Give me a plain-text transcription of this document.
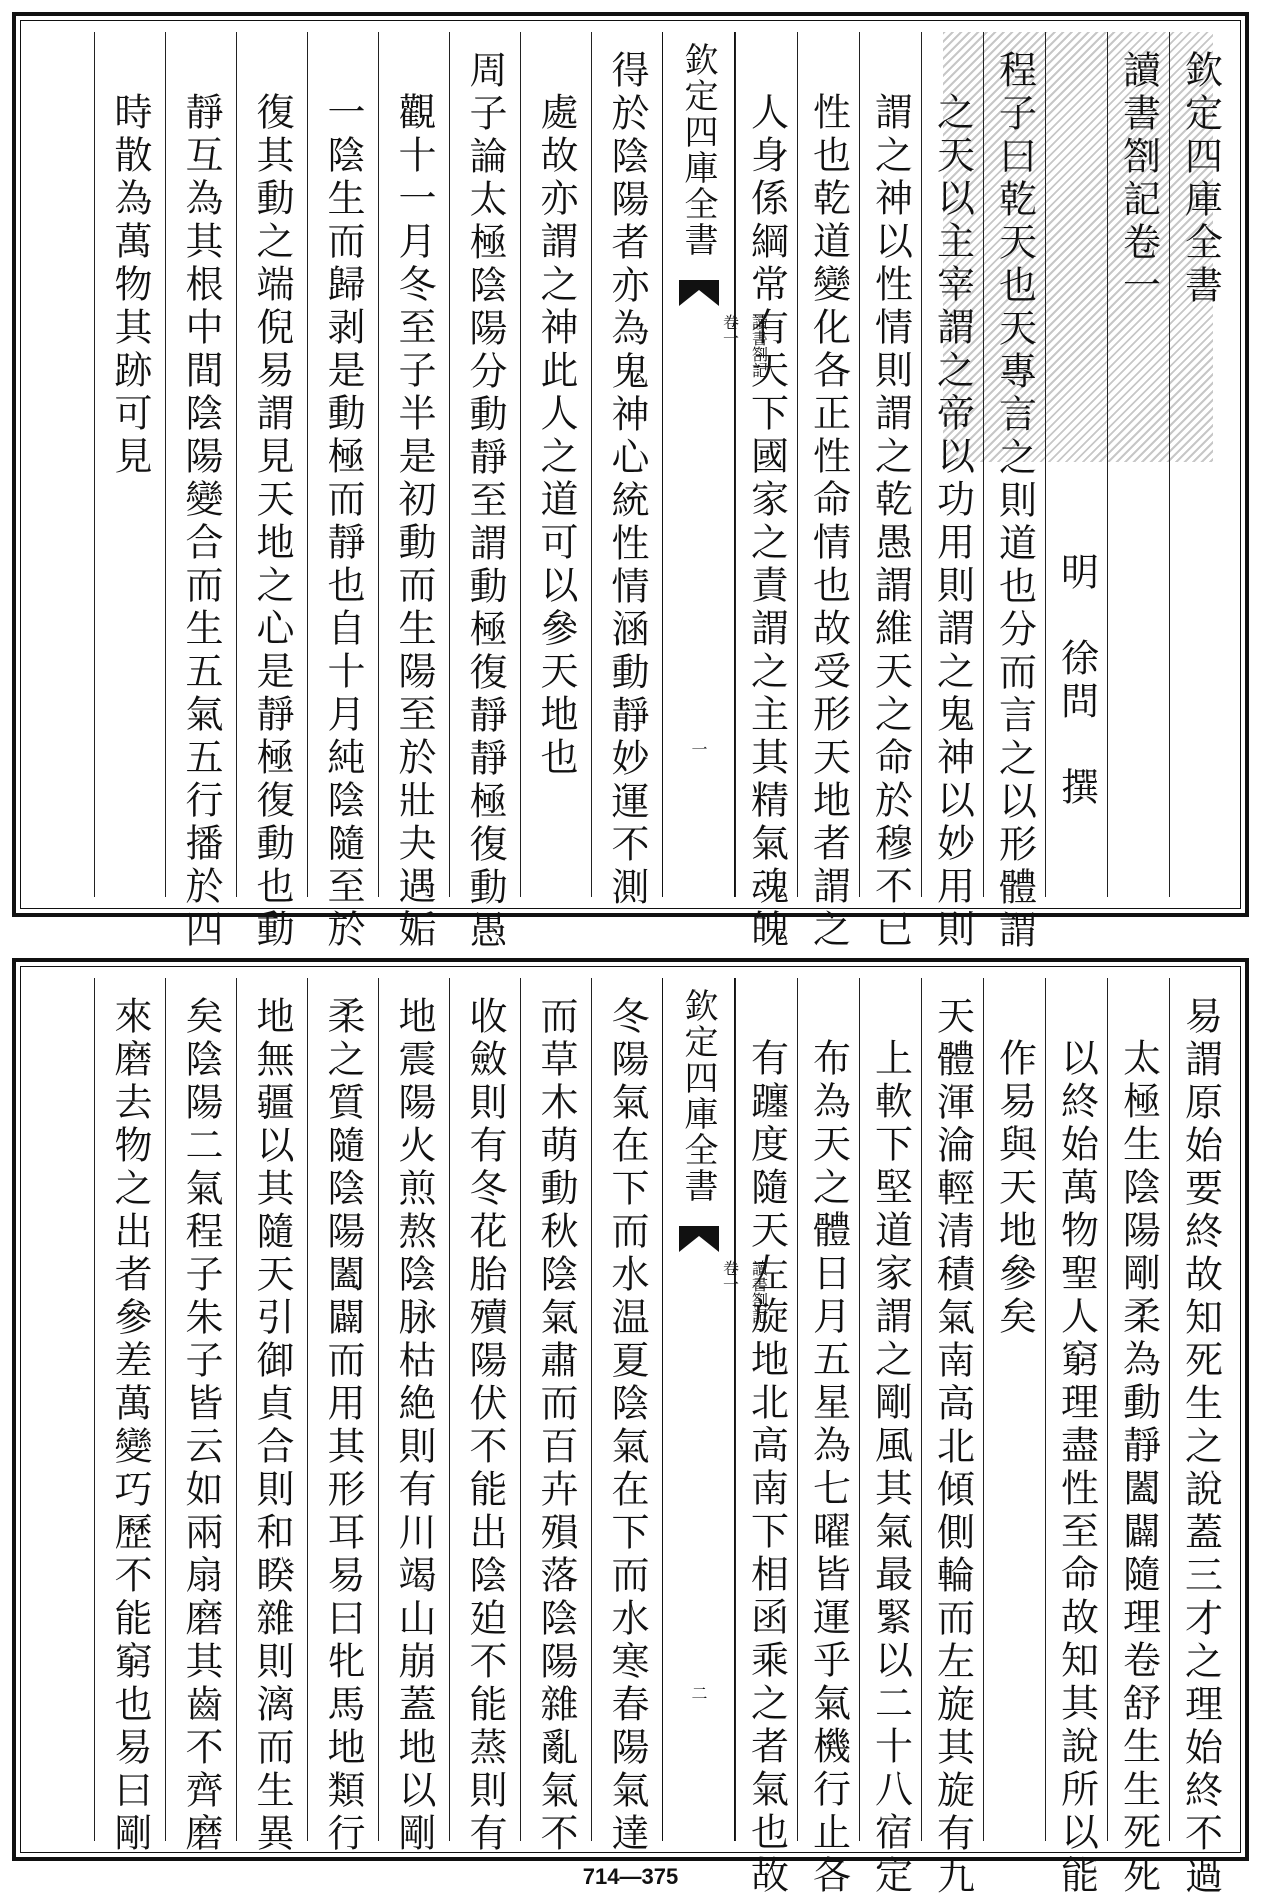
欽定四庫全書
讀書劄記卷一
明　徐問　撰
程子曰乾天也天專言之則道也分而言之以形體謂
之天以主宰謂之帝以功用則謂之鬼神以妙用則
謂之神以性情則謂之乾愚謂維天之命於穆不已
性也乾道變化各正性命情也故受形天地者謂之
人身係綱常有天下國家之責謂之主其精氣魂魄
欽定四庫全書
讀書劄記
卷一
一
得於陰陽者亦為鬼神心統性情涵動靜妙運不測
處故亦謂之神此人之道可以參天地也
周子論太極陰陽分動靜至謂動極復靜靜極復動愚
觀十一月冬至子半是初動而生陽至於壯夬遇姤
一陰生而歸剥是動極而靜也自十月純陰隨至於
復其動之端倪易謂見天地之心是靜極復動也動
靜互為其根中間陰陽變合而生五氣五行播於四
時散為萬物其跡可見
易謂原始要終故知死生之說蓋三才之理始終不過
太極生陰陽剛柔為動靜闔闢隨理卷舒生生死死
以終始萬物聖人窮理盡性至命故知其說所以能
作易與天地參矣
天體渾淪輕清積氣南高北傾側輪而左旋其旋有九
上軟下堅道家謂之剛風其氣最緊以二十八宿定
布為天之體日月五星為七曜皆運乎氣機行止各
有躔度隨天左旋地北高南下相函乘之者氣也故
欽定四庫全書
讀書劄記
卷一
二
冬陽氣在下而水温夏陰氣在下而水寒春陽氣達
而草木萌動秋陰氣肅而百卉殞落陰陽雜亂氣不
收斂則有冬花胎殰陽伏不能出陰廹不能蒸則有
地震陽火煎熬陰脉枯絶則有川竭山崩蓋地以剛
柔之質隨陰陽闔闢而用其形耳易曰牝馬地類行
地無疆以其隨天引御貞合則和睽雜則漓而生異
矣陰陽二氣程子朱子皆云如兩扇磨其齒不齊磨
來磨去物之出者參差萬變巧歷不能窮也易曰剛
714—375
